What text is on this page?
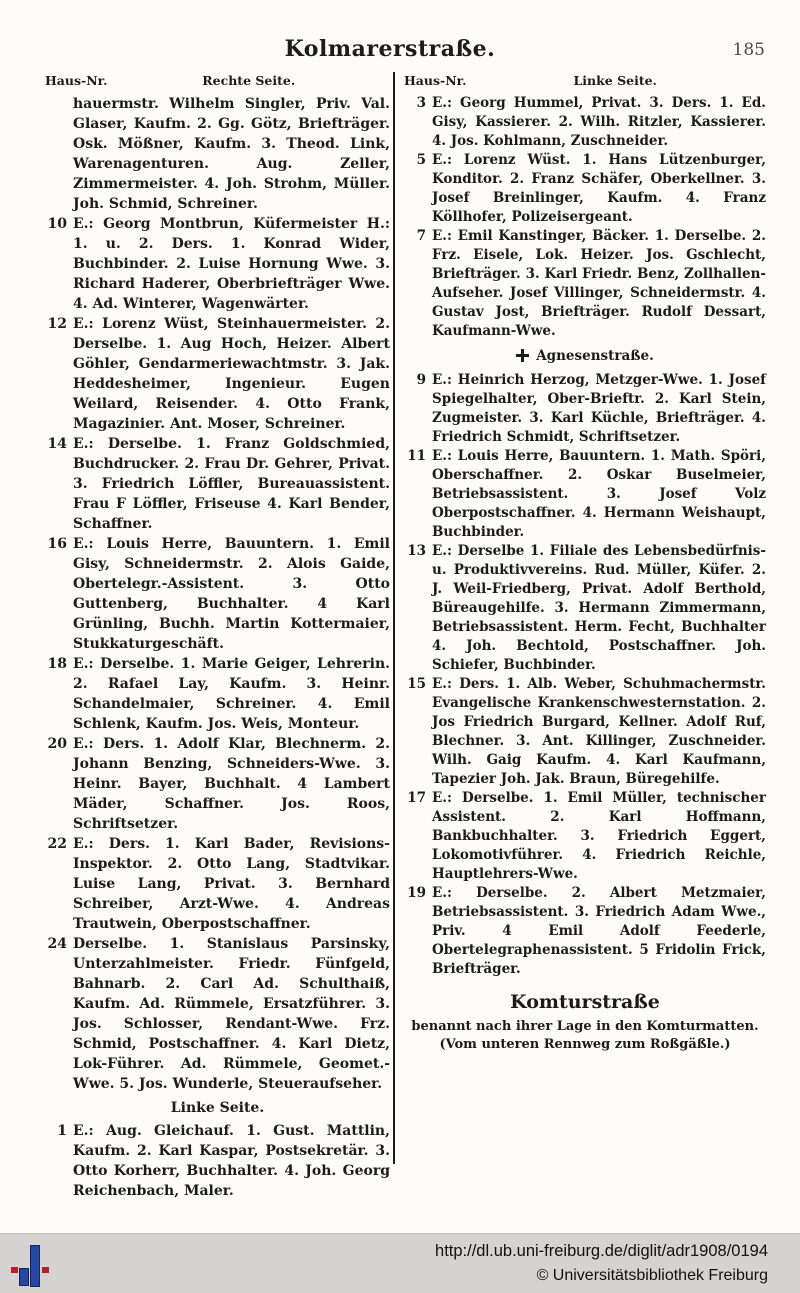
Kolmarerstraße.	185
Haus-Nr.	Rechte Seite.	Haus-Nr.	Linke Seite.
hauermstr. Wilhelm Singler, Priv. Val. Glaser, Kaufm. 2. Gg. Götz, Briefträger. Osk. Mößner, Kaufm. 3. Theod. Link, Warenagenturen. Aug. Zeller, Zimmermeister. 4. Joh. Strohm, Müller. Joh. Schmid, Schreiner.
10 E.: Georg Montbrun, Küfermeister H.: 1. u. 2. Ders. 1. Konrad Wider, Buchbinder. 2. Luise Hornung Wwe. 3. Richard Haderer, Oberbriefträger Wwe. 4. Ad. Winterer, Wagenwärter.
12 E.: Lorenz Wüst, Steinhauermeister. 2. Derselbe. 1. Aug Hoch, Heizer. Albert Göhler, Gendarmeriewachtmstr. 3. Jak. Heddesheimer, Ingenieur. Eugen Weilard, Reisender. 4. Otto Frank, Magazinier. Ant. Moser, Schreiner.
14 E.: Derselbe. 1. Franz Goldschmied, Buchdrucker. 2. Frau Dr. Gehrer, Privat. 3. Friedrich Löffler, Bureauassistent. Frau F Löffler, Friseuse 4. Karl Bender, Schaffner.
16 E.: Louis Herre, Bauuntern. 1. Emil Gisy, Schneidermstr. 2. Alois Gaide, Obertelegr.-Assistent. 3. Otto Guttenberg, Buchhalter. 4 Karl Grünling, Buchh. Martin Kottermaier, Stukkaturgeschäft.
18 E.: Derselbe. 1. Marie Geiger, Lehrerin. 2. Rafael Lay, Kaufm. 3. Heinr. Schandelmaier, Schreiner. 4. Emil Schlenk, Kaufm. Jos. Weis, Monteur.
20 E.: Ders. 1. Adolf Klar, Blechnerm. 2. Johann Benzing, Schneiders-Wwe. 3. Heinr. Bayer, Buchhalt. 4 Lambert Mäder, Schaffner. Jos. Roos, Schriftsetzer.
22 E.: Ders. 1. Karl Bader, Revisions-Inspektor. 2. Otto Lang, Stadtvikar. Luise Lang, Privat. 3. Bernhard Schreiber, Arzt-Wwe. 4. Andreas Trautwein, Oberpostschaffner.
24 Derselbe. 1. Stanislaus Parsinsky, Unterzahlmeister. Friedr. Fünfgeld, Bahnarb. 2. Carl Ad. Schulthaiß, Kaufm. Ad. Rümmele, Ersatzführer. 3. Jos. Schlosser, Rendant-Wwe. Frz. Schmid, Postschaffner. 4. Karl Dietz, Lok-Führer. Ad. Rümmele, Geomet.-Wwe. 5. Jos. Wunderle, Steueraufseher.
Linke Seite.
1 E.: Aug. Gleichauf. 1. Gust. Mattlin, Kaufm. 2. Karl Kaspar, Postsekretär. 3. Otto Korherr, Buchhalter. 4. Joh. Georg Reichenbach, Maler.
3 E.: Georg Hummel, Privat. 3. Ders. 1. Ed. Gisy, Kassierer. 2. Wilh. Ritzler, Kassierer. 4. Jos. Kohlmann, Zuschneider.
5 E.: Lorenz Wüst. 1. Hans Lützenburger, Konditor. 2. Franz Schäfer, Oberkellner. 3. Josef Breinlinger, Kaufm. 4. Franz Köllhofer, Polizeisergeant.
7 E.: Emil Kanstinger, Bäcker. 1. Derselbe. 2. Frz. Eisele, Lok. Heizer. Jos. Gschlecht, Briefträger. 3. Karl Friedr. Benz, Zollhallen-Aufseher. Josef Villinger, Schneidermstr. 4. Gustav Jost, Briefträger. Rudolf Dessart, Kaufmann-Wwe.
Agnesenstraße.
9 E.: Heinrich Herzog, Metzger-Wwe. 1. Josef Spiegelhalter, Ober-Brieftr. 2. Karl Stein, Zugmeister. 3. Karl Küchle, Briefträger. 4. Friedrich Schmidt, Schriftsetzer.
11 E.: Louis Herre, Bauuntern. 1. Math. Spöri, Oberschaffner. 2. Oskar Buselmeier, Betriebsassistent. 3. Josef Volz Oberpostschaffner. 4. Hermann Weishaupt, Buchbinder.
13 E.: Derselbe 1. Filiale des Lebensbedürfnis- u. Produktivvereins. Rud. Müller, Küfer. 2. J. Weil-Friedberg, Privat. Adolf Berthold, Büreaugehilfe. 3. Hermann Zimmermann, Betriebsassistent. Herm. Fecht, Buchhalter 4. Joh. Bechtold, Postschaffner. Joh. Schiefer, Buchbinder.
15 E.: Ders. 1. Alb. Weber, Schuhmachermstr. Evangelische Krankenschwesternstation. 2. Jos Friedrich Burgard, Kellner. Adolf Ruf, Blechner. 3. Ant. Killinger, Zuschneider. Wilh. Gaig Kaufm. 4. Karl Kaufmann, Tapezier Joh. Jak. Braun, Büregehilfe.
17 E.: Derselbe. 1. Emil Müller, technischer Assistent. 2. Karl Hoffmann, Bankbuchhalter. 3. Friedrich Eggert, Lokomotivführer. 4. Friedrich Reichle, Hauptlehrers-Wwe.
19 E.: Derselbe. 2. Albert Metzmaier, Betriebsassistent. 3. Friedrich Adam Wwe., Priv. 4 Emil Adolf Feederle, Obertelegraphenassistent. 5 Fridolin Frick, Briefträger.
Komturstraße
benannt nach ihrer Lage in den Komturmatten.
(Vom unteren Rennweg zum Roßgäßle.)
http://dl.ub.uni-freiburg.de/diglit/adr1908/0194
© Universitätsbibliothek Freiburg
